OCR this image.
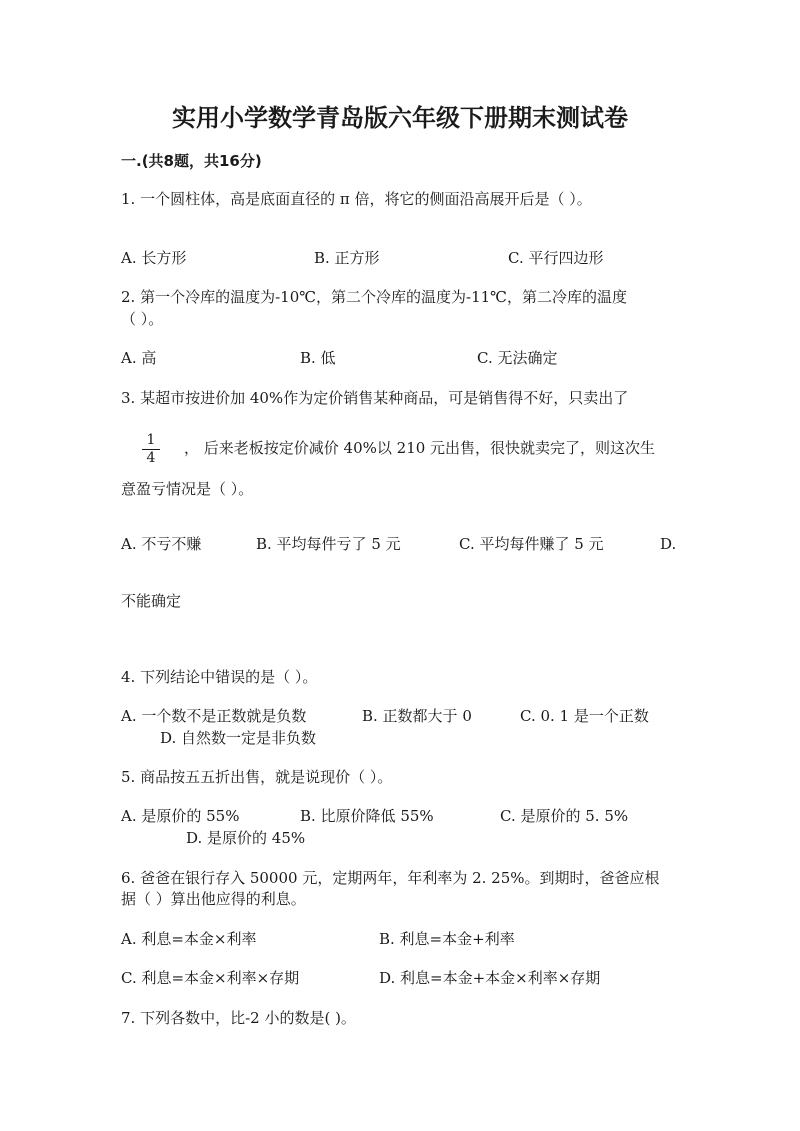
实用小学数学青岛版六年级下册期末测试卷
一.(共8题，共16分)
1. 一个圆柱体，高是底面直径的 π 倍，将它的侧面沿高展开后是（ ）。
A. 长方形	B. 正方形	C. 平行四边形
2. 第一个冷库的温度为-10℃，第二个冷库的温度为-11℃，第二冷库的温度
（ ）。
A. 高	B. 低	C. 无法确定
3. 某超市按进价加 40%作为定价销售某种商品，可是销售得不好，只卖出了
1
4
， 后来老板按定价减价 40%以 210 元出售，很快就卖完了，则这次生
意盈亏情况是（ ）。
A. 不亏不赚	B. 平均每件亏了 5 元	C. 平均每件赚了 5 元	D.
不能确定
4. 下列结论中错误的是（ ）。
A. 一个数不是正数就是负数	B. 正数都大于 0	C. 0. 1 是一个正数
D. 自然数一定是非负数
5. 商品按五五折出售，就是说现价（ ）。
A. 是原价的 55%	B. 比原价降低 55%	C. 是原价的 5. 5%
D. 是原价的 45%
6. 爸爸在银行存入 50000 元，定期两年，年利率为 2. 25%。到期时，爸爸应根
据（ ）算出他应得的利息。
A. 利息=本金×利率	B. 利息=本金+利率
C. 利息=本金×利率×存期	D. 利息=本金+本金×利率×存期
7. 下列各数中，比-2 小的数是( )。
